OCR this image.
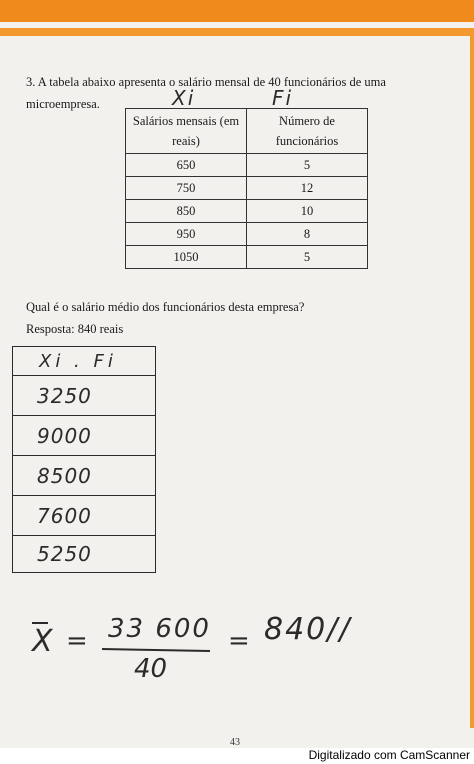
3. A tabela abaixo apresenta o salário mensal de 40 funcionários de uma
microempresa.	Xi	Fi
Salários mensais (em reais)	Número de funcionários
650	5
750	12
850	10
950	8
1050	5
Qual é o salário médio dos funcionários desta empresa?
Resposta: 840 reais
Xi . Fi
3250
9000
8500
7600
5250
X = 33 600
40
= 840//
43
Digitalizado com CamScanner
